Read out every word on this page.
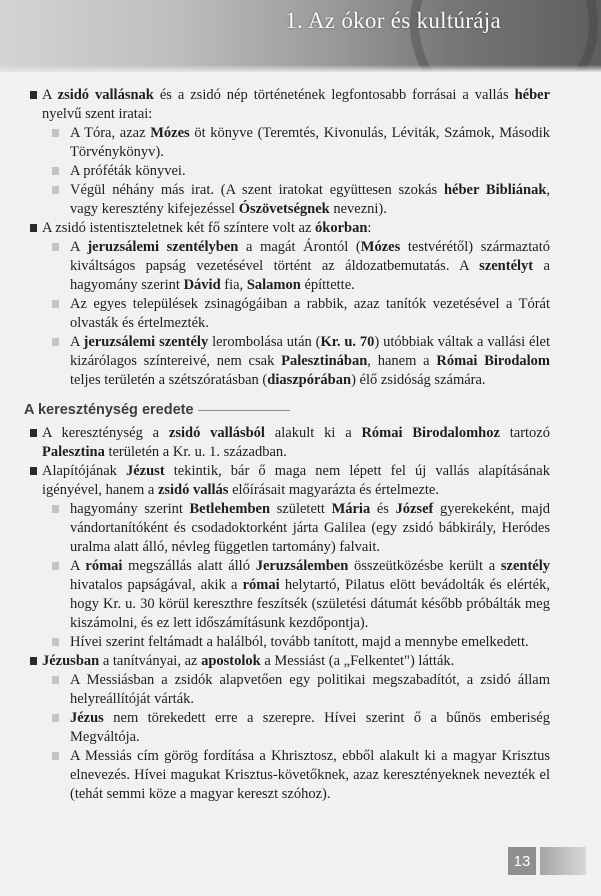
1. Az ókor és kultúrája

A zsidó vallásnak és a zsidó nép történetének legfontosabb forrásai a vallás héber nyelvű szent iratai:

A Tóra, azaz Mózes öt könyve (Teremtés, Kivonulás, Léviták, Számok, Második Törvénykönyv).

A próféták könyvei.

Végül néhány más irat. (A szent iratokat együttesen szokás héber Bibliának, vagy keresztény kifejezéssel Ószövetségnek nevezni).

A zsidó istentiszteletnek két fő színtere volt az ókorban:

A jeruzsálemi szentélyben a magát Árontól (Mózes testvérétől) származtató kiváltságos papság vezetésével történt az áldozatbemutatás. A szentélyt a hagyomány szerint Dávid fia, Salamon építtette.

Az egyes települések zsinagógáiban a rabbik, azaz tanítók vezetésével a Tórát olvasták és értelmezték.

A jeruzsálemi szentély lerombolása után (Kr. u. 70) utóbbiak váltak a vallási élet kizárólagos színtereivé, nem csak Palesztinában, hanem a Római Birodalom teljes területén a szétszóratásban (diaszpórában) élő zsidóság számára.

A kereszténység eredete

A kereszténység a zsidó vallásból alakult ki a Római Birodalomhoz tartozó Palesztina területén a Kr. u. 1. században.

Alapítójának Jézust tekintik, bár ő maga nem lépett fel új vallás alapításának igényével, hanem a zsidó vallás előírásait magyarázta és értelmezte.

hagyomány szerint Betlehemben született Mária és József gyerekeként, majd vándortanítóként és csodadoktorként járta Galilea (egy zsidó bábkirály, Heródes uralma alatt álló, névleg független tartomány) falvait.

A római megszállás alatt álló Jeruzsálemben összeütközésbe került a szentély hivatalos papságával, akik a római helytartó, Pilatus elött bevádolták és elérték, hogy Kr. u. 30 körül kereszthre feszítsék (születési dátumát később próbálták meg kiszámolni, és ez lett időszámításunk kezdőpontja).

Hívei szerint feltámadt a halálból, tovább tanított, majd a mennybe emelkedett.

Jézusban a tanítványai, az apostolok a Messiást (a „Felkentet") látták.

A Messiásban a zsidók alapvetően egy politikai megszabadítót, a zsidó állam helyreállítóját várták.

Jézus nem törekedett erre a szerepre. Hívei szerint ő a bűnös emberiség Megváltója.

A Messiás cím görög fordítása a Khrisztosz, ebből alakult ki a magyar Krisztus elnevezés. Hívei magukat Krisztus-követőknek, azaz keresztényeknek nevezték el (tehát semmi köze a magyar kereszt szóhoz).

13
